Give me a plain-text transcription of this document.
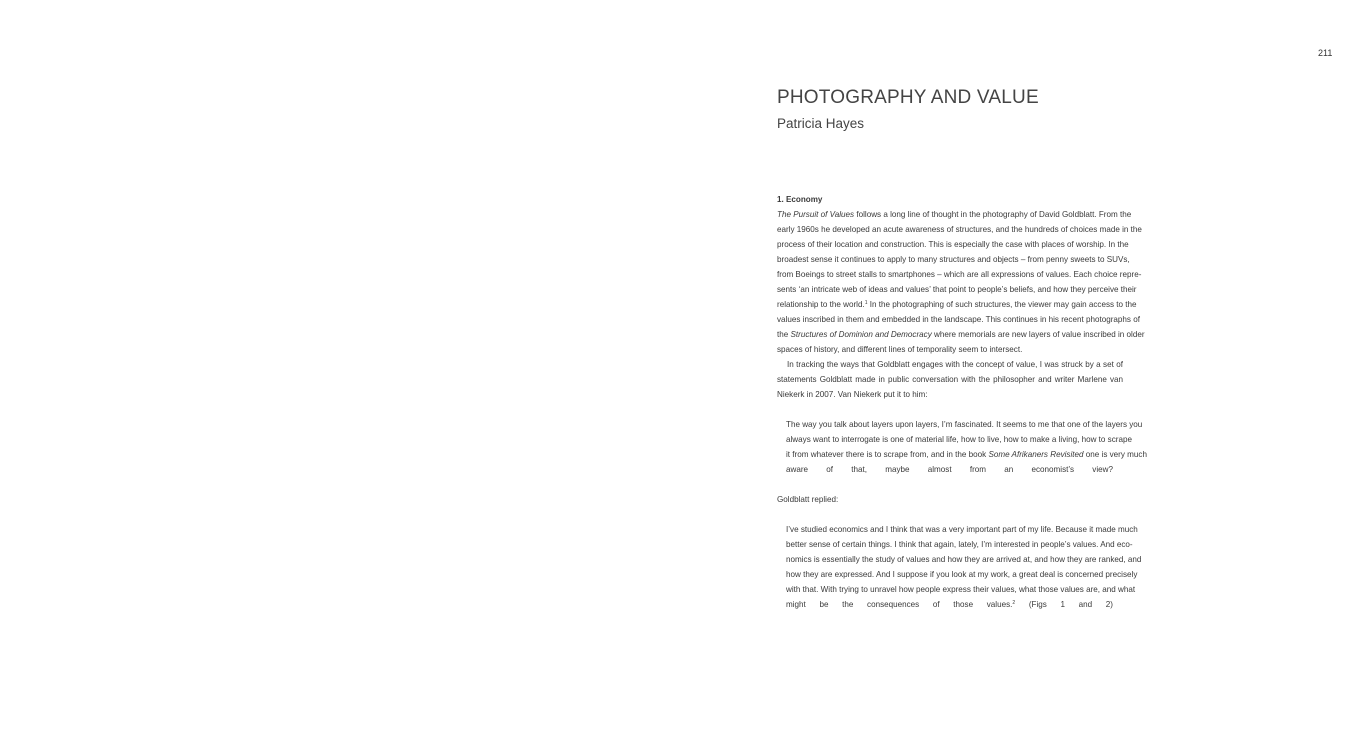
211
PHOTOGRAPHY AND VALUE
Patricia Hayes
1. Economy
The Pursuit of Values follows a long line of thought in the photography of David Goldblatt. From the
early 1960s he developed an acute awareness of structures, and the hundreds of choices made in the
process of their location and construction. This is especially the case with places of worship. In the
broadest sense it continues to apply to many structures and objects – from penny sweets to SUVs,
from Boeings to street stalls to smartphones – which are all expressions of values. Each choice repre-
sents ‘an intricate web of ideas and values’ that point to people’s beliefs, and how they perceive their
relationship to the world.$^1$ In the photographing of such structures, the viewer may gain access to the
values inscribed in them and embedded in the landscape. This continues in his recent photographs of
the Structures of Dominion and Democracy where memorials are new layers of value inscribed in older
spaces of history, and different lines of temporality seem to intersect.
In tracking the ways that Goldblatt engages with the concept of value, I was struck by a set of
statements Goldblatt made in public conversation with the philosopher and writer Marlene van
Niekerk in 2007. Van Niekerk put it to him:
The way you talk about layers upon layers, I’m fascinated. It seems to me that one of the layers you
always want to interrogate is one of material life, how to live, how to make a living, how to scrape
it from whatever there is to scrape from, and in the book Some Afrikaners Revisited one is very much
aware of that, maybe almost from an economist’s view?
Goldblatt replied:
I’ve studied economics and I think that was a very important part of my life. Because it made much
better sense of certain things. I think that again, lately, I’m interested in people’s values. And eco-
nomics is essentially the study of values and how they are arrived at, and how they are ranked, and
how they are expressed. And I suppose if you look at my work, a great deal is concerned precisely
with that. With trying to unravel how people express their values, what those values are, and what
might be the consequences of those values.$^2$ (Figs 1 and 2)
